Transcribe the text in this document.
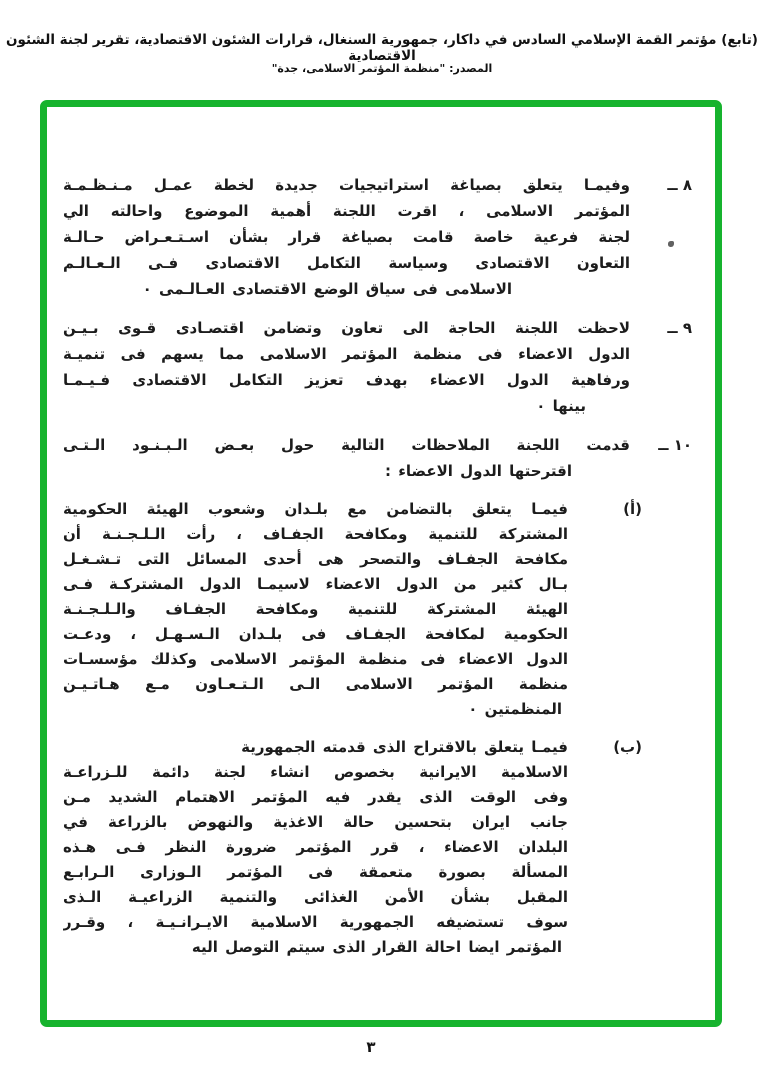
(تابع) مؤتمر القمة الإسلامي السادس في داكار، جمهورية السنغال، قرارات الشئون الاقتصادية، تقرير لجنة الشئون الاقتصادية
المصدر: "منظمة المؤتمر الاسلامى، جدة"
٨ ــ
وفيمـا يتعلق بصياغة استراتيجيات جديدة لخطة عمـل مـنـظـمـة
المؤتمر الاسلامى ، اقرت اللجنة أهمية الموضوع واحالته الي
لجنة فرعية خاصة قامت بصياغة قرار بشأن اسـتـعـراض حـالـة
التعاون الاقتصادى وسياسة التكامل الاقتصادى فـى الـعـالـم
الاسلامى فى سياق الوضع الاقتصادى العـالـمى ٠
٩ ــ
لاحظت اللجنة الحاجة الى تعاون وتضامن اقتصـادى قـوى بـيـن
الدول الاعضاء فى منظمة المؤتمر الاسلامى مما يسهم فى تنميـة
ورفاهية الدول الاعضاء بهدف تعزيز التكامل الاقتصادى فـيـمـا
بينها ٠
١٠ ــ
قدمت اللجنة الملاحظات التالية حول بعـض الـبـنـود الـتـى
اقترحتها الدول الاعضاء :
(أ)
فيمـا يتعلق بالتضامن مع بلـدان وشعوب الهيئة الحكومية
المشتركة للتنمية ومكافحة الجفـاف ، رأت الـلـجـنـة أن
مكافحة الجفـاف والتصحر هى أحدى المسائل التى تـشـغـل
بـال كثير من الدول الاعضاء لاسيمـا الدول المشتركـة فـى
الهيئة المشتركة للتنمية ومكافحة الجفـاف والـلـجـنـة
الحكومية لمكافحة الجفـاف فى بلـدان الـسـهـل ، ودعـت
الدول الاعضاء فى منظمة المؤتمر الاسلامى وكذلك مؤسسـات
منظمة المؤتمر الاسلامى الـى الـتـعـاون مـع هـاتـيـن
المنظمتين ٠
(ب)
فيمـا يتعلق بالاقتراح الذى قدمته الجمهورية
الاسلامية الايرانية بخصوص انشاء لجنة دائمة للـزراعـة
وفى الوقت الذى يقدر فيه المؤتمر الاهتمام الشديد مـن
جانب ايران بتحسين حالة الاغذية والنهوض بالزراعة في
البلدان الاعضاء ، قرر المؤتمر ضرورة النظر فـى هـذه
المسألة بصورة متعمقة فى المؤتمر الـوزارى الـرابـع
المقبل بشأن الأمن الغذائى والتنمية الزراعيـة الـذى
سوف تستضيفه الجمهورية الاسلامية الايـرانـيـة ، وقـرر
المؤتمر ايضا احالة القرار الذى سيتم التوصل اليه
٣
